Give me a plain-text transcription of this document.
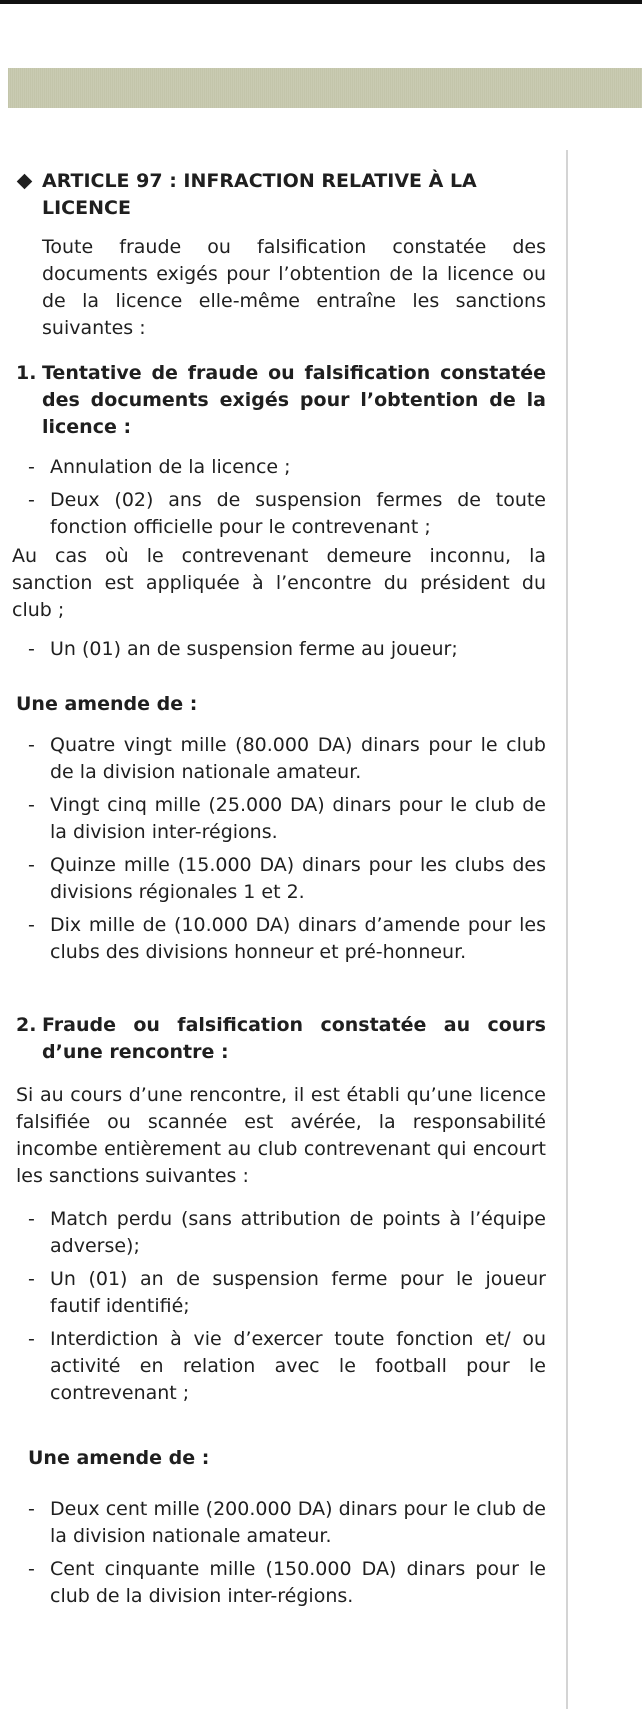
ARTICLE 97 : INFRACTION RELATIVE À LA LICENCE

Toute fraude ou falsification constatée des documents exigés pour l’obtention de la licence ou de la licence elle-même entraîne les sanctions suivantes :

1. Tentative de fraude ou falsification constatée des documents exigés pour l’obtention de la licence :
- Annulation de la licence ;
- Deux (02) ans de suspension fermes de toute fonction officielle pour le contrevenant ;

Au cas où le contrevenant demeure inconnu, la sanction est appliquée à l’encontre du président du club ;

- Un (01) an de suspension ferme au joueur;
Une amende de :
- Quatre vingt mille (80.000 DA) dinars pour le club de la division nationale amateur.
- Vingt cinq mille (25.000 DA) dinars pour le club de la division inter-régions.
- Quinze mille (15.000 DA) dinars pour les clubs des divisions régionales 1 et 2.
- Dix mille de (10.000 DA) dinars d’amende pour les clubs des divisions honneur et pré-honneur.
2. Fraude ou falsification constatée au cours d’une rencontre :

Si au cours d’une rencontre, il est établi qu’une licence falsifiée ou scannée est avérée, la responsabilité incombe entièrement au club contrevenant qui encourt les sanctions suivantes :

- Match perdu (sans attribution de points à l’équipe adverse);
- Un (01) an de suspension ferme pour le joueur fautif identifié;
- Interdiction à vie d’exercer toute fonction et/ ou activité en relation avec le football pour le contrevenant ;
Une amende de :
- Deux cent mille (200.000 DA) dinars pour le club de la division nationale amateur.
- Cent cinquante mille (150.000 DA) dinars pour le club de la division inter-régions.
